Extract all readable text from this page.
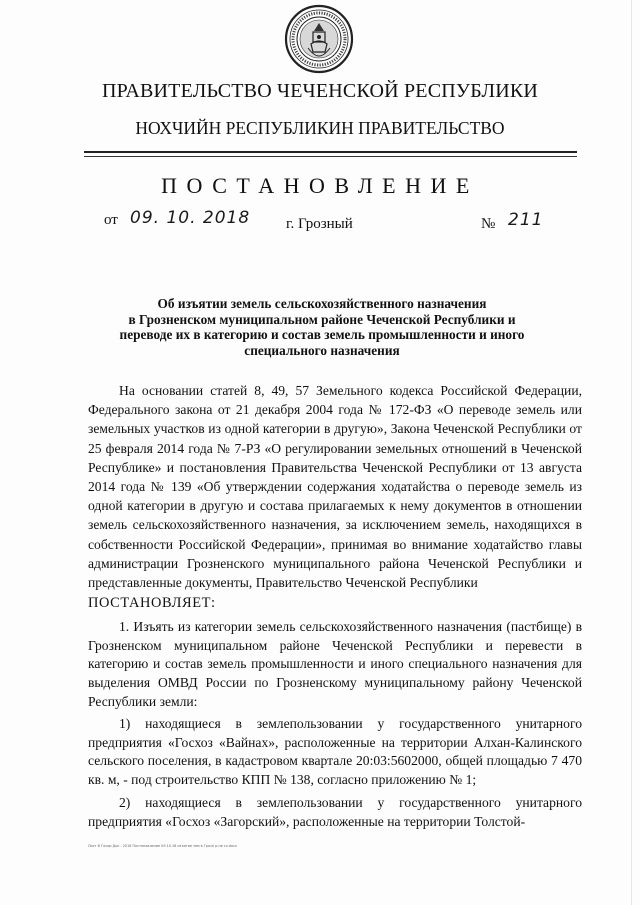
ПРАВИТЕЛЬСТВО ЧЕЧЕНСКОЙ РЕСПУБЛИКИ
НОХЧИЙН РЕСПУБЛИКИН ПРАВИТЕЛЬСТВО
ПОСТАНОВЛЕНИЕ
от 09. 10. 2018 г. Грозный	№ 211
Об изъятии земель сельскохозяйственного назначения
в Грозненском муниципальном районе Чеченской Республики и
переводе их в категорию и состав земель промышленности и иного
специального назначения
На основании статей 8, 49, 57 Земельного кодекса Российской Федерации, Федерального закона от 21 декабря 2004 года № 172-ФЗ «О переводе земель или земельных участков из одной категории в другую», Закона Чеченской Республики от 25 февраля 2014 года № 7-РЗ «О регулировании земельных отношений в Чеченской Республике» и постановления Правительства Чеченской Республики от 13 августа 2014 года № 139 «Об утверждении содержания ходатайства о переводе земель из одной категории в другую и состава прилагаемых к нему документов в отношении земель сельскохозяйственного назначения, за исключением земель, находящихся в собственности Российской Федерации», принимая во внимание ходатайство главы администрации Грозненского муниципального района Чеченской Республики и представленные документы, Правительство Чеченской Республики
ПОСТАНОВЛЯЕТ:
1. Изъять из категории земель сельскохозяйственного назначения (пастбище) в Грозненском муниципальном районе Чеченской Республики и перевести в категорию и состав земель промышленности и иного специального назначения для выделения ОМВД России по Грозненскому муниципальному району Чеченской Республики земли:
1) находящиеся в землепользовании у государственного унитарного предприятия «Госхоз «Вайнах», расположенные на территории Алхан-Калинского сельского поселения, в кадастровом квартале 20:03:5602000, общей площадью 7 470 кв. м, - под строительство КПП № 138, согласно приложению № 1;
2) находящиеся в землепользовании у государственного унитарного предприятия «Госхоз «Загорский», расположенные на территории Толстой-
Лист В Гочир Док - 2018 Постановление 09.10.18 изъятие зем в Грозн р-не сх.docx
